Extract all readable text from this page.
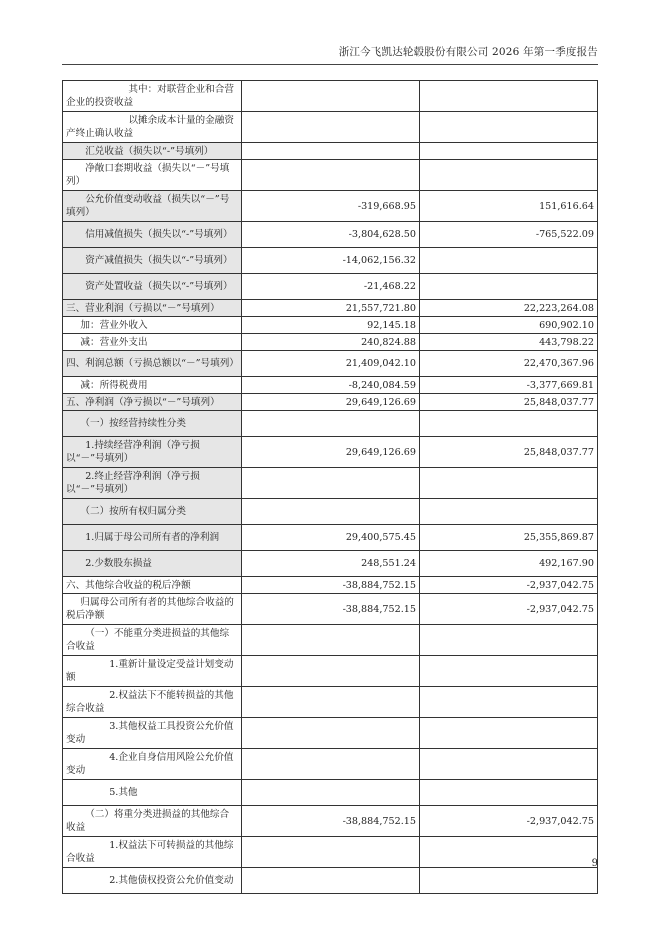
浙江今飞凯达轮毂股份有限公司 2026 年第一季度报告
其中：对联营企业和合营企业的投资收益		
以摊余成本计量的金融资产终止确认收益		
汇兑收益（损失以“-”号填列）		
净敞口套期收益（损失以“－”号填列）		
公允价值变动收益（损失以“－”号填列）	-319,668.95	151,616.64
信用减值损失（损失以“-”号填列）	-3,804,628.50	-765,522.09
资产减值损失（损失以“-”号填列）	-14,062,156.32	
资产处置收益（损失以“-”号填列）	-21,468.22	
三、营业利润（亏损以“－”号填列）	21,557,721.80	22,223,264.08
加：营业外收入	92,145.18	690,902.10
减：营业外支出	240,824.88	443,798.22
四、利润总额（亏损总额以“－”号填列）	21,409,042.10	22,470,367.96
减：所得税费用	-8,240,084.59	-3,377,669.81
五、净利润（净亏损以“－”号填列）	29,649,126.69	25,848,037.77
（一）按经营持续性分类		
1.持续经营净利润（净亏损以“－”号填列）	29,649,126.69	25,848,037.77
2.终止经营净利润（净亏损以“－”号填列）		
（二）按所有权归属分类		
1.归属于母公司所有者的净利润	29,400,575.45	25,355,869.87
2.少数股东损益	248,551.24	492,167.90
六、其他综合收益的税后净额	-38,884,752.15	-2,937,042.75
归属母公司所有者的其他综合收益的税后净额	-38,884,752.15	-2,937,042.75
（一）不能重分类进损益的其他综合收益		
1.重新计量设定受益计划变动额		
2.权益法下不能转损益的其他综合收益		
3.其他权益工具投资公允价值变动		
4.企业自身信用风险公允价值变动		
5.其他		
（二）将重分类进损益的其他综合收益	-38,884,752.15	-2,937,042.75
1.权益法下可转损益的其他综合收益		
2.其他债权投资公允价值变动		
9
